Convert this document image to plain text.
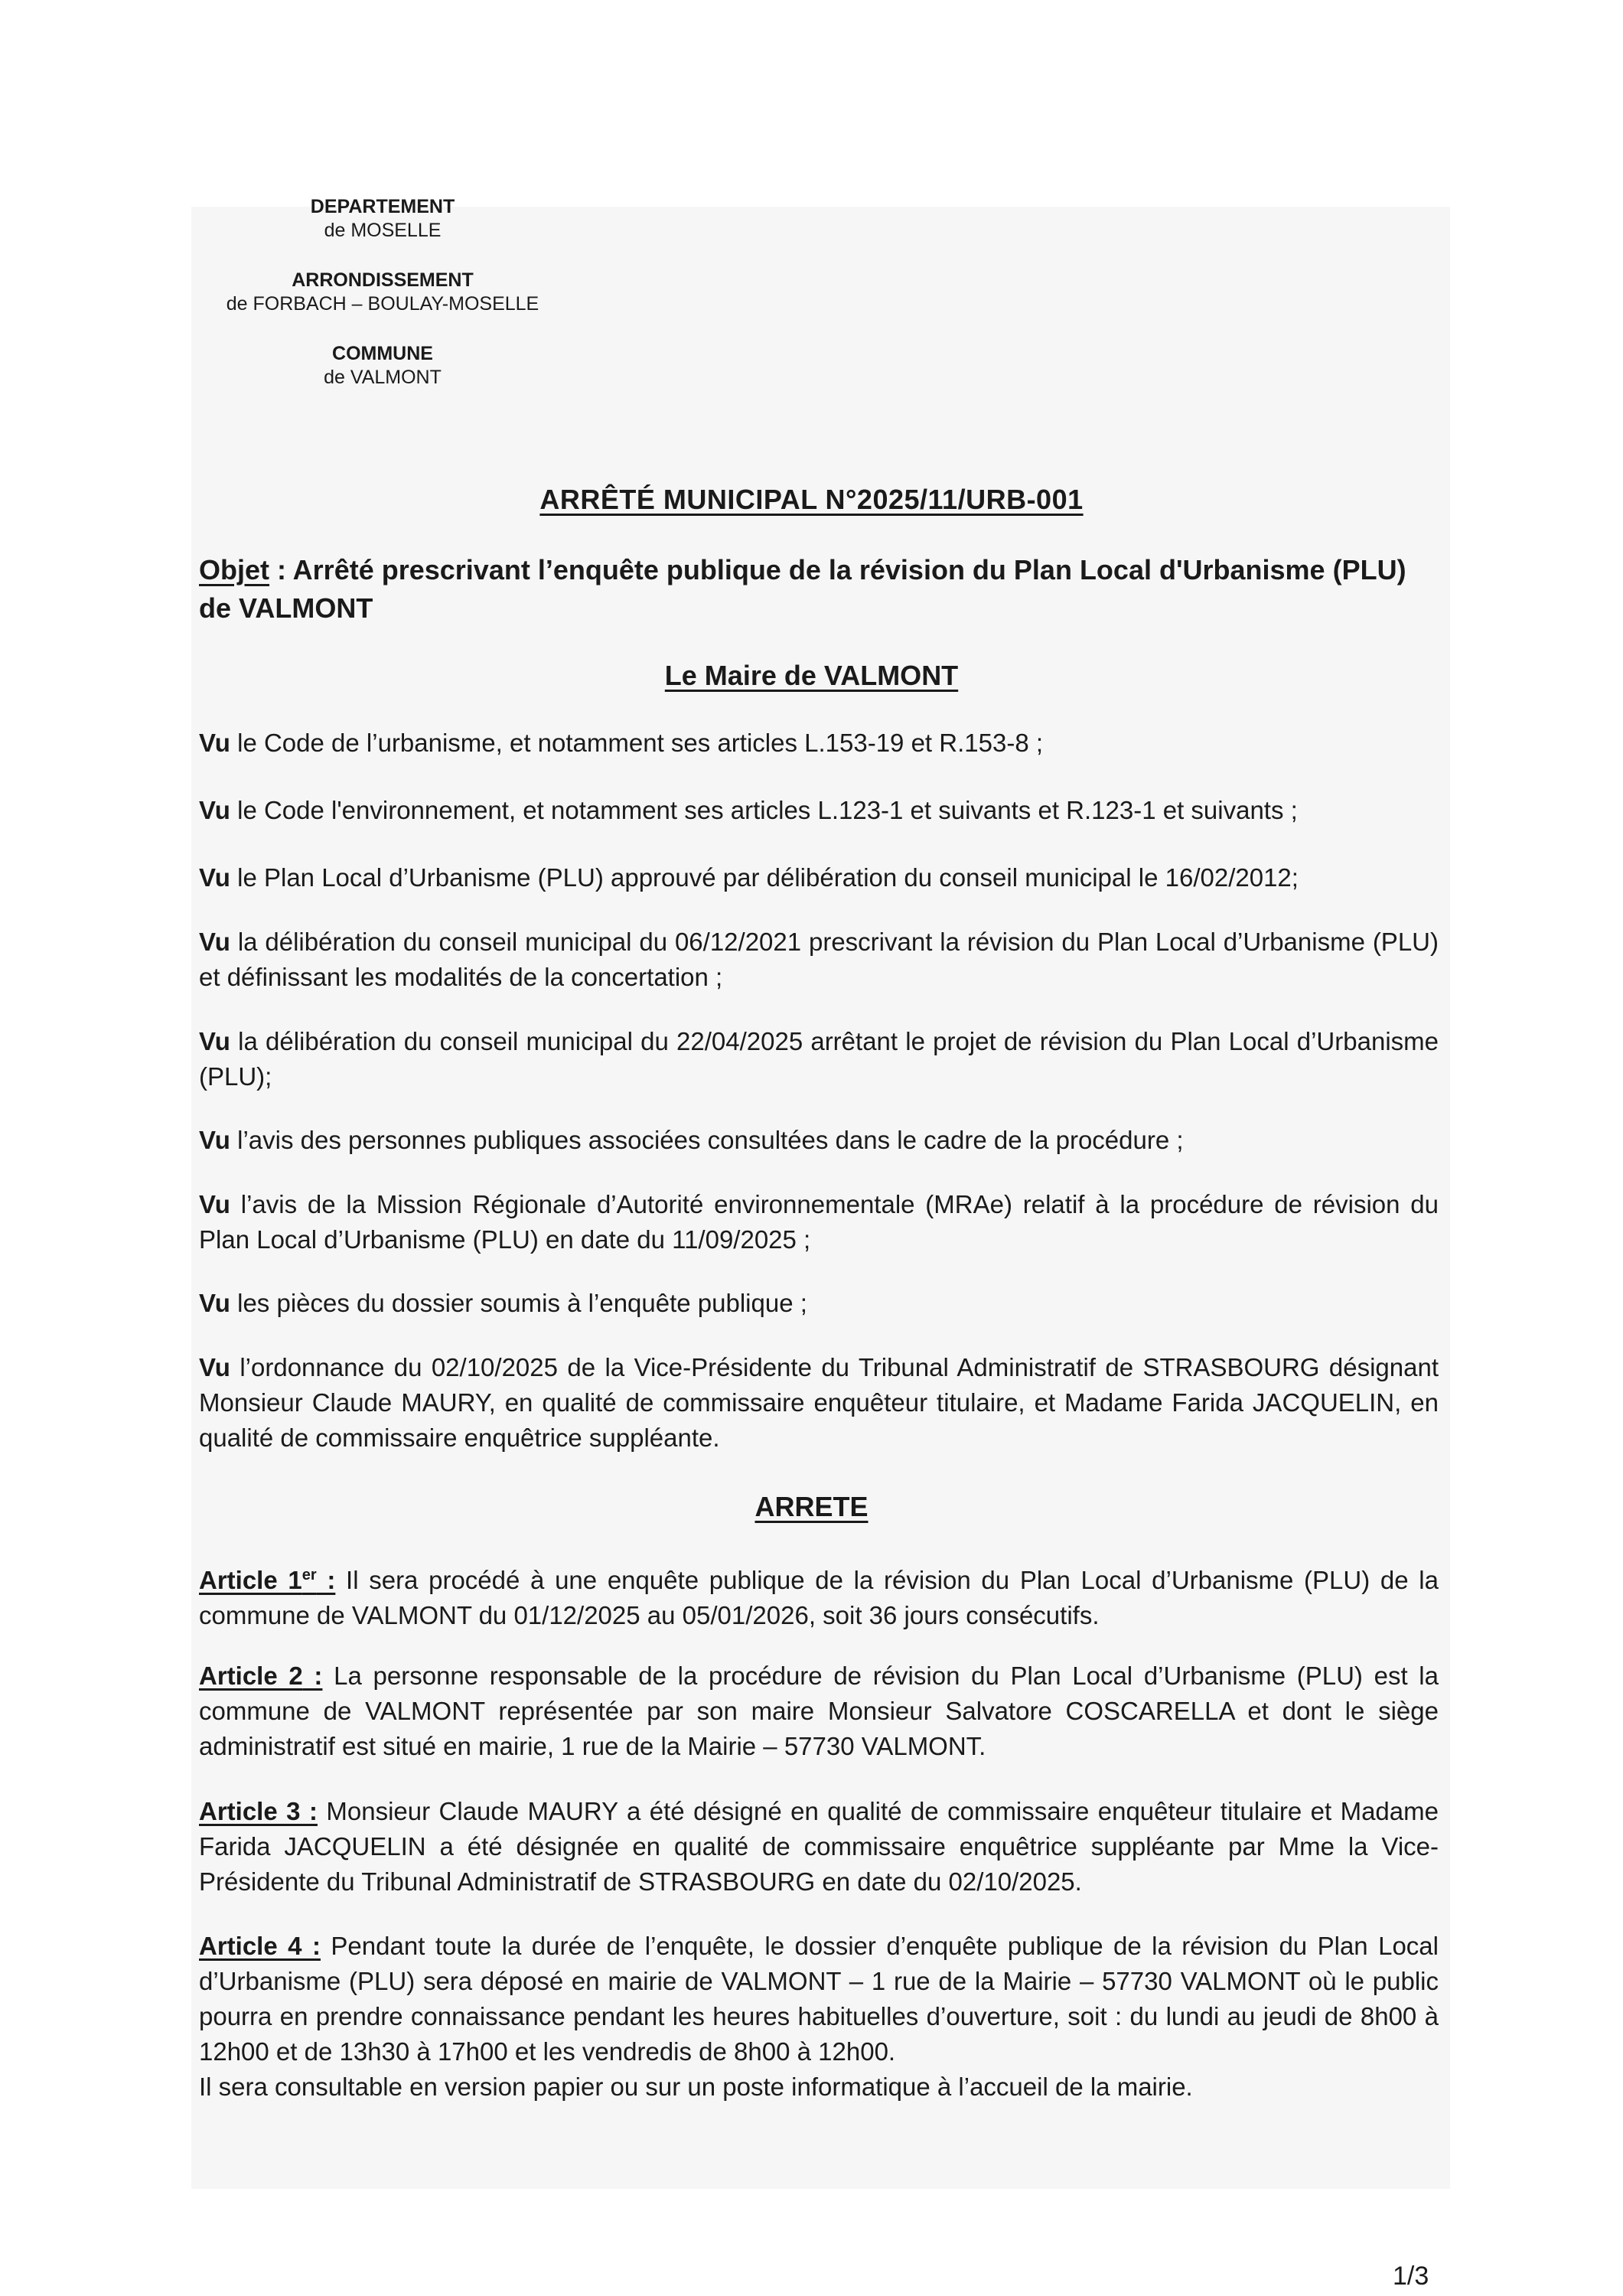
DEPARTEMENT
de MOSELLE
ARRONDISSEMENT
de FORBACH – BOULAY-MOSELLE
COMMUNE
de VALMONT
ARRÊTÉ MUNICIPAL N°2025/11/URB-001
Objet : Arrêté prescrivant l’enquête publique de la révision du Plan Local d'Urbanisme (PLU) de VALMONT
Le Maire de VALMONT
Vu le Code de l’urbanisme, et notamment ses articles L.153-19 et R.153-8 ;
Vu le Code l'environnement, et notamment ses articles L.123-1 et suivants et R.123-1 et suivants ;
Vu le Plan Local d’Urbanisme (PLU) approuvé par délibération du conseil municipal le 16/02/2012;
Vu la délibération du conseil municipal du 06/12/2021 prescrivant la révision du Plan Local d’Urbanisme (PLU) et définissant les modalités de la concertation ;
Vu la délibération du conseil municipal du 22/04/2025 arrêtant le projet de révision du Plan Local d’Urbanisme (PLU);
Vu l’avis des personnes publiques associées consultées dans le cadre de la procédure ;
Vu l’avis de la Mission Régionale d’Autorité environnementale (MRAe) relatif à la procédure de révision du Plan Local d’Urbanisme (PLU) en date du 11/09/2025 ;
Vu les pièces du dossier soumis à l’enquête publique ;
Vu l’ordonnance du 02/10/2025 de la Vice-Présidente du Tribunal Administratif de STRASBOURG désignant Monsieur Claude MAURY, en qualité de commissaire enquêteur titulaire, et Madame Farida JACQUELIN, en qualité de commissaire enquêtrice suppléante.
ARRETE
Article 1er : Il sera procédé à une enquête publique de la révision du Plan Local d’Urbanisme (PLU) de la commune de VALMONT du 01/12/2025 au 05/01/2026, soit 36 jours consécutifs.
Article 2 : La personne responsable de la procédure de révision du Plan Local d’Urbanisme (PLU) est la commune de VALMONT représentée par son maire Monsieur Salvatore COSCARELLA et dont le siège administratif est situé en mairie, 1 rue de la Mairie – 57730 VALMONT.
Article 3 : Monsieur Claude MAURY a été désigné en qualité de commissaire enquêteur titulaire et Madame Farida JACQUELIN a été désignée en qualité de commissaire enquêtrice suppléante par Mme la Vice-Présidente du Tribunal Administratif de STRASBOURG en date du 02/10/2025.
Article 4 : Pendant toute la durée de l’enquête, le dossier d’enquête publique de la révision du Plan Local d’Urbanisme (PLU) sera déposé en mairie de VALMONT – 1 rue de la Mairie – 57730 VALMONT où le public pourra en prendre connaissance pendant les heures habituelles d’ouverture, soit : du lundi au jeudi de 8h00 à 12h00 et de 13h30 à 17h00 et les vendredis de 8h00 à 12h00.
Il sera consultable en version papier ou sur un poste informatique à l’accueil de la mairie.
1/3
